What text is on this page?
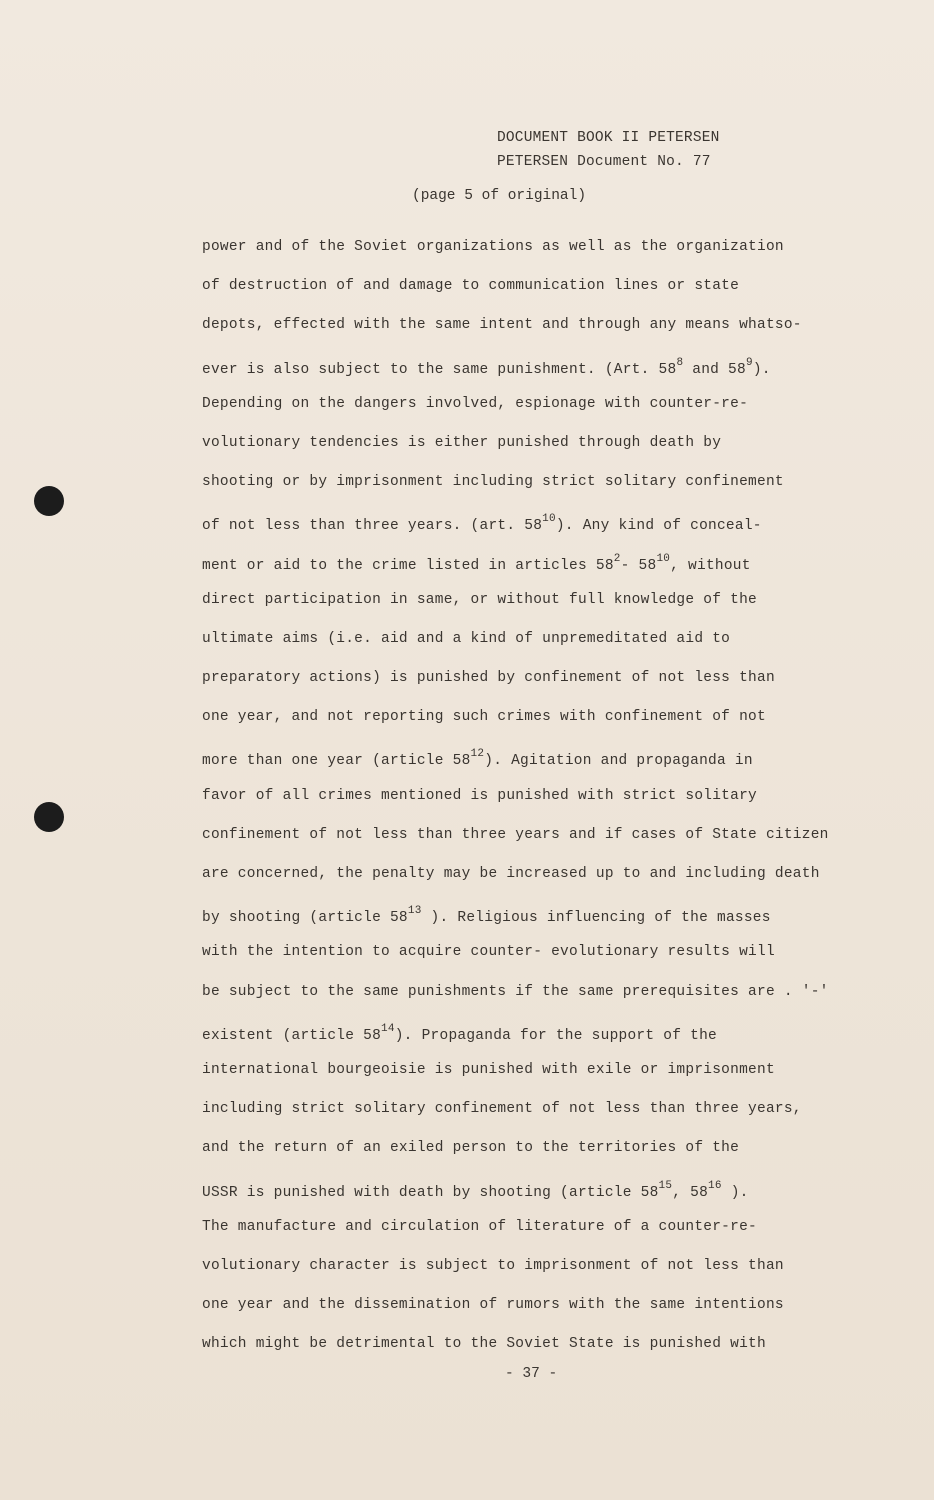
DOCUMENT BOOK II PETERSEN
PETERSEN Document No. 77
(page 5 of original)
power and of the Soviet organizations as well as the organization
of destruction of and damage to communication lines or state
depots, effected with the same intent and through any means whatso-
ever is also subject to the same punishment. (Art. $58^8$ and $58^9$).
Depending on the dangers involved, espionage with counter-re-
volutionary tendencies is either punished through death by
shooting or by imprisonment including strict solitary confinement
of not less than three years. (art. $58^{10}$). Any kind of conceal-
ment or aid to the crime listed in articles $58^2-$ $58^{10}$, without
direct participation in same, or without full knowledge of the
ultimate aims (i.e. aid and a kind of unpremeditated aid to
preparatory actions) is punished by confinement of not less than
one year, and not reporting such crimes with confinement of not
more than one year (article $58^{12}$). Agitation and propaganda in
favor of all crimes mentioned is punished with strict solitary
confinement of not less than three years and if cases of State citizen
are concerned, the penalty may be increased up to and including death
by shooting (article $58^{13}$ ). Religious influencing of the masses
with the intention to acquire counter- evolutionary results will
be subject to the same punishments if the same prerequisites are . '-'
existent (article $58^{14}$). Propaganda for the support of the
international bourgeoisie is punished with exile or imprisonment
including strict solitary confinement of not less than three years,
and the return of an exiled person to the territories of the
USSR is punished with death by shooting (article $58^{15}$, $58^{16}$ ).
The manufacture and circulation of literature of a counter-re-
volutionary character is subject to imprisonment of not less than
one year and the dissemination of rumors with the same intentions
which might be detrimental to the Soviet State is punished with
- 37 -
